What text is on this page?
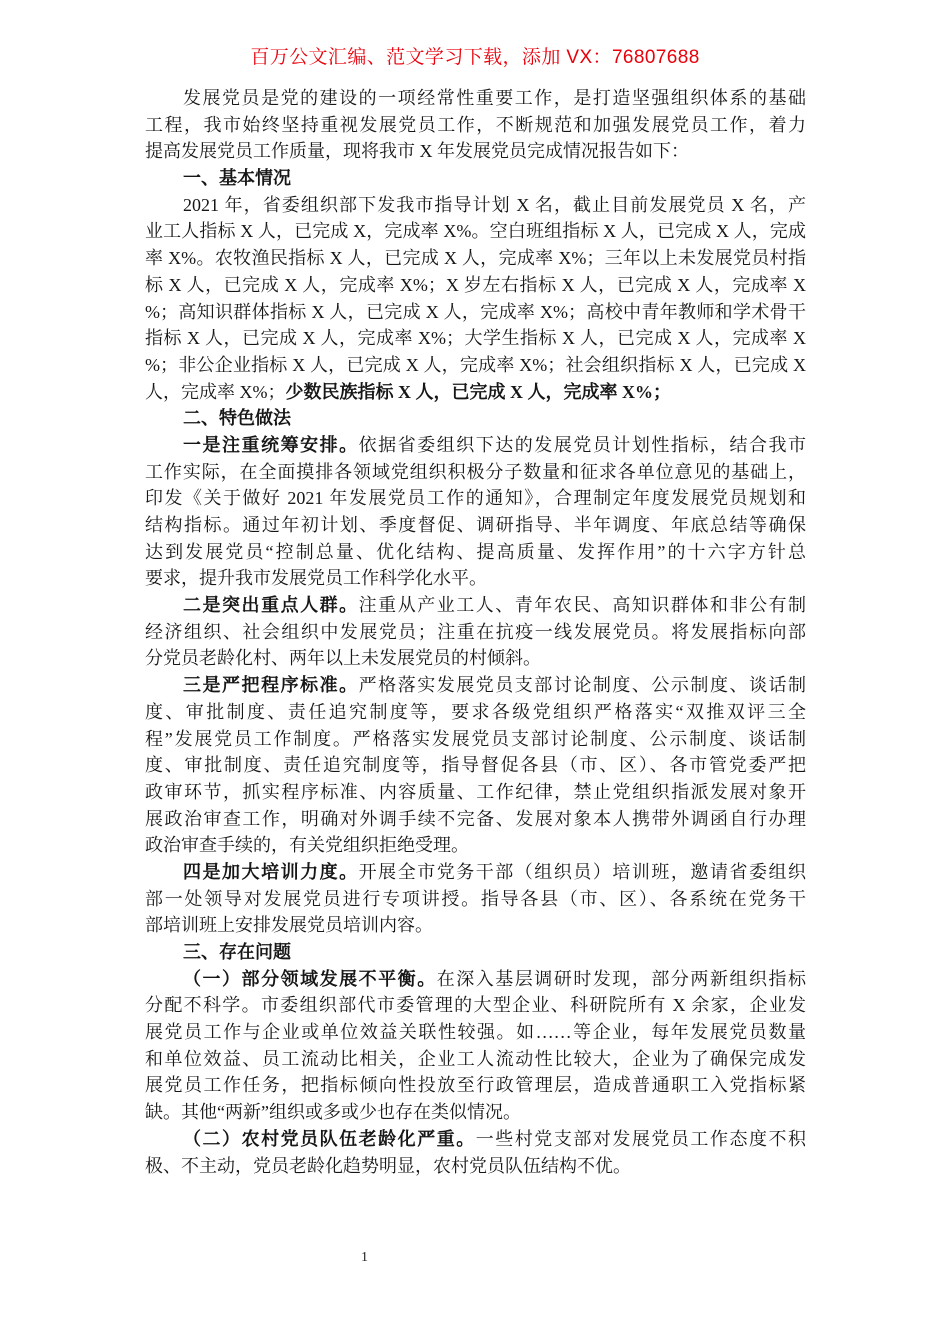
百万公文汇编、范文学习下载，添加 VX：76807688
发展党员是党的建设的一项经常性重要工作，是打造坚强组织体系的基础
工程，我市始终坚持重视发展党员工作，不断规范和加强发展党员工作，着力
提高发展党员工作质量，现将我市 X 年发展党员完成情况报告如下：
一、基本情况
2021 年，省委组织部下发我市指导计划 X 名，截止目前发展党员 X 名，产
业工人指标 X 人，已完成 X，完成率 X%。空白班组指标 X 人，已完成 X 人，完成
率 X%。农牧渔民指标 X 人，已完成 X 人，完成率 X%；三年以上未发展党员村指
标 X 人，已完成 X 人，完成率 X%；X 岁左右指标 X 人，已完成 X 人，完成率 X
%；高知识群体指标 X 人，已完成 X 人，完成率 X%；高校中青年教师和学术骨干
指标 X 人，已完成 X 人，完成率 X%；大学生指标 X 人，已完成 X 人，完成率 X
%；非公企业指标 X 人，已完成 X 人，完成率 X%；社会组织指标 X 人，已完成 X
人，完成率 X%；少数民族指标 X 人，已完成 X 人，完成率 X%；
二、特色做法
一是注重统筹安排。依据省委组织下达的发展党员计划性指标，结合我市
工作实际，在全面摸排各领域党组织积极分子数量和征求各单位意见的基础上，
印发《关于做好 2021 年发展党员工作的通知》，合理制定年度发展党员规划和
结构指标。通过年初计划、季度督促、调研指导、半年调度、年底总结等确保
达到发展党员“控制总量、优化结构、提高质量、发挥作用”的十六字方针总
要求，提升我市发展党员工作科学化水平。
二是突出重点人群。注重从产业工人、青年农民、高知识群体和非公有制
经济组织、社会组织中发展党员；注重在抗疫一线发展党员。将发展指标向部
分党员老龄化村、两年以上未发展党员的村倾斜。
三是严把程序标准。严格落实发展党员支部讨论制度、公示制度、谈话制
度、审批制度、责任追究制度等，要求各级党组织严格落实“双推双评三全
程”发展党员工作制度。严格落实发展党员支部讨论制度、公示制度、谈话制
度、审批制度、责任追究制度等，指导督促各县（市、区）、各市管党委严把
政审环节，抓实程序标准、内容质量、工作纪律，禁止党组织指派发展对象开
展政治审查工作，明确对外调手续不完备、发展对象本人携带外调函自行办理
政治审查手续的，有关党组织拒绝受理。
四是加大培训力度。开展全市党务干部（组织员）培训班，邀请省委组织
部一处领导对发展党员进行专项讲授。指导各县（市、区）、各系统在党务干
部培训班上安排发展党员培训内容。
三、存在问题
（一）部分领域发展不平衡。在深入基层调研时发现，部分两新组织指标
分配不科学。市委组织部代市委管理的大型企业、科研院所有 X 余家，企业发
展党员工作与企业或单位效益关联性较强。如……等企业，每年发展党员数量
和单位效益、员工流动比相关，企业工人流动性比较大，企业为了确保完成发
展党员工作任务，把指标倾向性投放至行政管理层，造成普通职工入党指标紧
缺。其他“两新”组织或多或少也存在类似情况。
（二）农村党员队伍老龄化严重。一些村党支部对发展党员工作态度不积
极、不主动，党员老龄化趋势明显，农村党员队伍结构不优。
1
